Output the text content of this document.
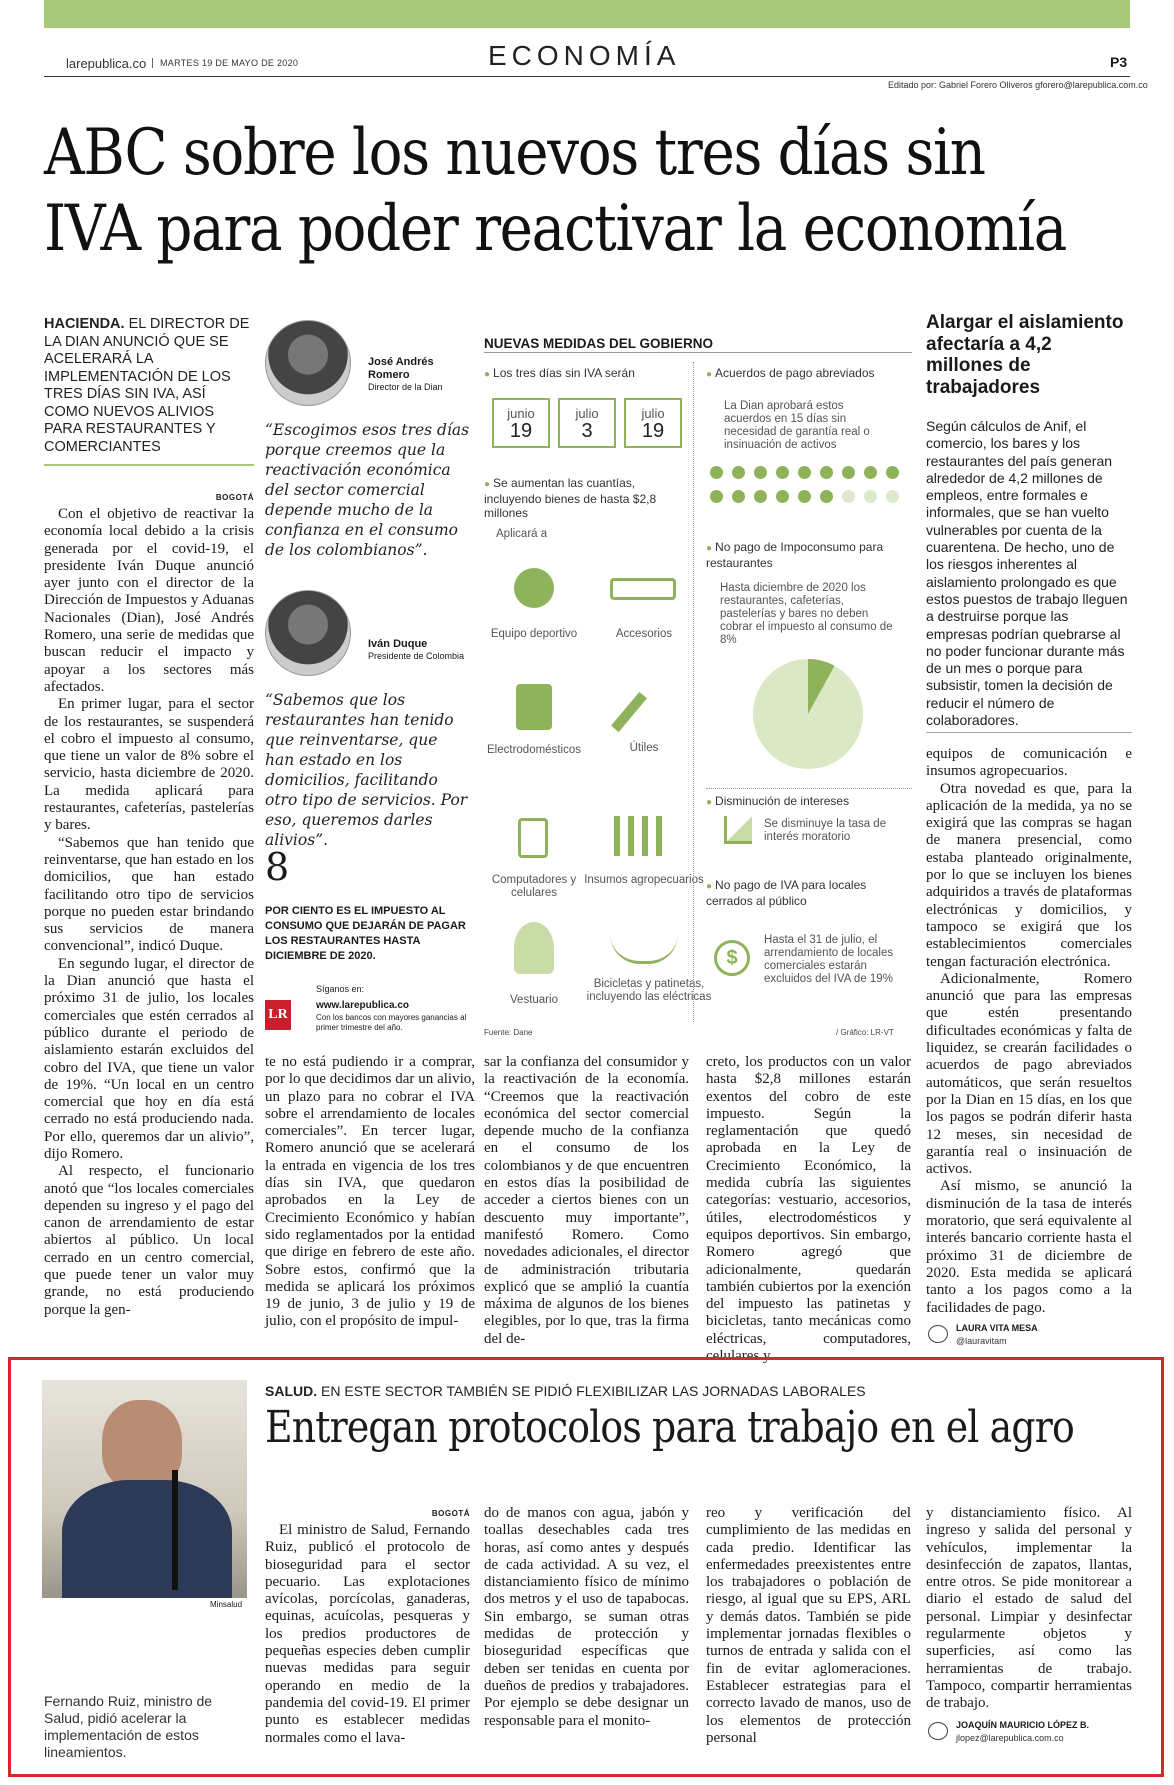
larepublica.co	MARTES 19 DE MAYO DE 2020	ECONOMÍA	P3
Editado por: Gabriel Forero Oliveros gforero@larepublica.com.co
ABC sobre los nuevos tres días sin
IVA para poder reactivar la economía
HACIENDA. EL DIRECTOR DE LA DIAN ANUNCIÓ QUE SE ACELERARÁ LA IMPLEMENTACIÓN DE LOS TRES DÍAS SIN IVA, ASÍ COMO NUEVOS ALIVIOS PARA RESTAURANTES Y COMERCIANTES
BOGOTÁ

Con el objetivo de reactivar la economía local debido a la crisis generada por el covid-19, el presidente Iván Duque anunció ayer junto con el director de la Dirección de Impuestos y Aduanas Nacionales (Dian), José Andrés Romero, una serie de medidas que buscan reducir el impacto y apoyar a los sectores más afectados.

En primer lugar, para el sector de los restaurantes, se suspenderá el cobro el impuesto al consumo, que tiene un valor de 8% sobre el servicio, hasta diciembre de 2020. La medida aplicará para restaurantes, cafeterías, pastelerías y bares.

“Sabemos que han tenido que reinventarse, que han estado en los domicilios, que han estado facilitando otro tipo de servicios porque no pueden estar brindando sus servicios de manera convencional”, indicó Duque.

En segundo lugar, el director de la Dian anunció que hasta el próximo 31 de julio, los locales comerciales que estén cerrados al público durante el periodo de aislamiento estarán excluidos del cobro del IVA, que tiene un valor de 19%. “Un local en un centro comercial que hoy en día está cerrado no está produciendo nada. Por ello, queremos dar un alivio”, dijo Romero.

Al respecto, el funcionario anotó que “los locales comerciales dependen su ingreso y el pago del canon de arrendamiento de estar abiertos al público. Un local cerrado en un centro comercial, que puede tener un valor muy grande, no está produciendo porque la gen-

José Andrés Romero
Director de la Dian
“Escogimos esos tres días porque creemos que la reactivación económica del sector comercial depende mucho de la confianza en el consumo de los colombianos”.
Iván Duque
Presidente de Colombia
“Sabemos que los restaurantes han tenido que reinventarse, que han estado en los domicilios, facilitando otro tipo de servicios. Por eso, queremos darles alivios”.
8
POR CIENTO ES EL IMPUESTO AL CONSUMO QUE DEJARÁN DE PAGAR LOS RESTAURANTES HASTA DICIEMBRE DE 2020.
LR
Síganos en:
www.larepublica.co
Con los bancos con mayores ganancias al primer trimestre del año.
NUEVAS MEDIDAS DEL GOBIERNO
● Los tres días sin IVA serán
junio
19
julio
3
julio
19
● Se aumentan las cuantías, incluyendo bienes de hasta $2,8 millones
Aplicará a
Equipo deportivo	Accesorios
Electrodomésticos	Útiles
Computadores y celulares
Insumos agropecuarios
Vestuario
Bicicletas y patinetas, incluyendo las eléctricas
● Acuerdos de pago abreviados
La Dian aprobará estos acuerdos en 15 días sin necesidad de garantía real o insinuación de activos
● No pago de Impoconsumo para restaurantes
Hasta diciembre de 2020 los restaurantes, cafeterías, pastelerías y bares no deben cobrar el impuesto al consumo de 8%
● Disminución de intereses
Se disminuye la tasa de interés moratorio
● No pago de IVA para locales cerrados al público
$
Hasta el 31 de julio, el arrendamiento de locales comerciales estarán excluidos del IVA de 19%
Fuente: Dane	/ Gráfico: LR-VT
Alargar el aislamiento afectaría a 4,2 millones de trabajadores
Según cálculos de Anif, el comercio, los bares y los restaurantes del país generan alrededor de 4,2 millones de empleos, entre formales e informales, que se han vuelto vulnerables por cuenta de la cuarentena. De hecho, uno de los riesgos inherentes al aislamiento prolongado es que estos puestos de trabajo lleguen a destruirse porque las empresas podrían quebrarse al no poder funcionar durante más de un mes o porque para subsistir, tomen la decisión de reducir el número de colaboradores.

te no está pudiendo ir a comprar, por lo que decidimos dar un alivio, un plazo para no cobrar el IVA sobre el arrendamiento de locales comerciales”. En tercer lugar, Romero anunció que se acelerará la entrada en vigencia de los tres días sin IVA, que quedaron aprobados en la Ley de Crecimiento Económico y habían sido reglamentados por la entidad que dirige en febrero de este año. Sobre estos, confirmó que la medida se aplicará los próximos 19 de junio, 3 de julio y 19 de julio, con el propósito de impul-

sar la confianza del consumidor y la reactivación de la economía. “Creemos que la reactivación económica del sector comercial depende mucho de la confianza en el consumo de los colombianos y de que encuentren en estos días la posibilidad de acceder a ciertos bienes con un descuento muy importante”, manifestó Romero. Como novedades adicionales, el director de administración tributaria explicó que se amplió la cuantía máxima de algunos de los bienes elegibles, por lo que, tras la firma del de-

creto, los productos con un valor hasta $2,8 millones estarán exentos del cobro de este impuesto. Según la reglamentación que quedó aprobada en la Ley de Crecimiento Económico, la medida cubría las siguientes categorías: vestuario, accesorios, útiles, electrodomésticos y equipos deportivos. Sin embargo, Romero agregó que adicionalmente, quedarán también cubiertos por la exención del impuesto las patinetas y bicicletas, tanto mecánicas como eléctricas, computadores, celulares y

equipos de comunicación e insumos agropecuarios.

Otra novedad es que, para la aplicación de la medida, ya no se exigirá que las compras se hagan de manera presencial, como estaba planteado originalmente, por lo que se incluyen los bienes adquiridos a través de plataformas electrónicas y domicilios, y tampoco se exigirá que los establecimientos comerciales tengan facturación electrónica.

Adicionalmente, Romero anunció que para las empresas que estén presentando dificultades económicas y falta de liquidez, se crearán facilidades o acuerdos de pago abreviados automáticos, que serán resueltos por la Dian en 15 días, en los que los pagos se podrán diferir hasta 12 meses, sin necesidad de garantía real o insinuación de activos.

Así mismo, se anunció la disminución de la tasa de interés moratorio, que será equivalente al interés bancario corriente hasta el próximo 31 de diciembre de 2020. Esta medida se aplicará tanto a los pagos como a la facilidades de pago.

LAURA VITA MESA
@lauravitam
Minsalud
Fernando Ruiz, ministro de Salud, pidió acelerar la implementación de estos lineamientos.
SALUD. EN ESTE SECTOR TAMBIÉN SE PIDIÓ FLEXIBILIZAR LAS JORNADAS LABORALES
Entregan protocolos para trabajo en el agro
BOGOTÁ

El ministro de Salud, Fernando Ruiz, publicó el protocolo de bioseguridad para el sector pecuario. Las explotaciones avícolas, porcícolas, ganaderas, equinas, acuícolas, pesqueras y los predios productores de pequeñas especies deben cumplir nuevas medidas para seguir operando en medio de la pandemia del covid-19. El primer punto es establecer medidas normales como el lava-

do de manos con agua, jabón y toallas desechables cada tres horas, así como antes y después de cada actividad. A su vez, el distanciamiento físico de mínimo dos metros y el uso de tapabocas. Sin embargo, se suman otras medidas de protección y bioseguridad específicas que deben ser tenidas en cuenta por dueños de predios y trabajadores. Por ejemplo se debe designar un responsable para el monito-

reo y verificación del cumplimiento de las medidas en cada predio. Identificar las enfermedades preexistentes entre los trabajadores o población de riesgo, al igual que su EPS, ARL y demás datos. También se pide implementar jornadas flexibles o turnos de entrada y salida con el fin de evitar aglomeraciones. Establecer estrategias para el correcto lavado de manos, uso de los elementos de protección personal

y distanciamiento físico. Al ingreso y salida del personal y vehículos, implementar la desinfección de zapatos, llantas, entre otros. Se pide monitorear a diario el estado de salud del personal. Limpiar y desinfectar regularmente objetos y superficies, así como las herramientas de trabajo. Tampoco, compartir herramientas de trabajo.

JOAQUÍN MAURICIO LÓPEZ B.
jlopez@larepublica.com.co
